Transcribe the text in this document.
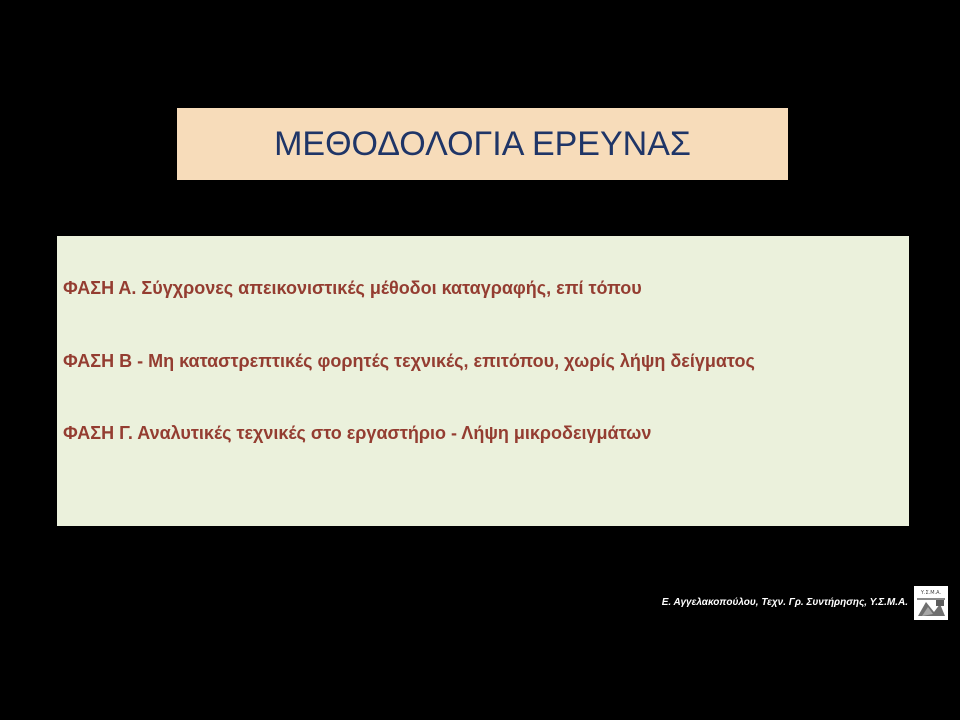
ΜΕΘΟΔΟΛΟΓΙΑ ΕΡΕΥΝΑΣ
ΦΑΣΗ Α. Σύγχρονες απεικονιστικές μέθοδοι καταγραφής, επί τόπου
ΦΑΣΗ Β - Μη καταστρεπτικές φορητές τεχνικές, επιτόπου, χωρίς λήψη δείγματος
ΦΑΣΗ Γ. Αναλυτικές τεχνικές στο εργαστήριο - Λήψη μικροδειγμάτων
Ε. Αγγελακοπούλου, Τεχν. Γρ. Συντήρησης, Υ.Σ.Μ.Α.
Υ.Σ.Μ.Α.
